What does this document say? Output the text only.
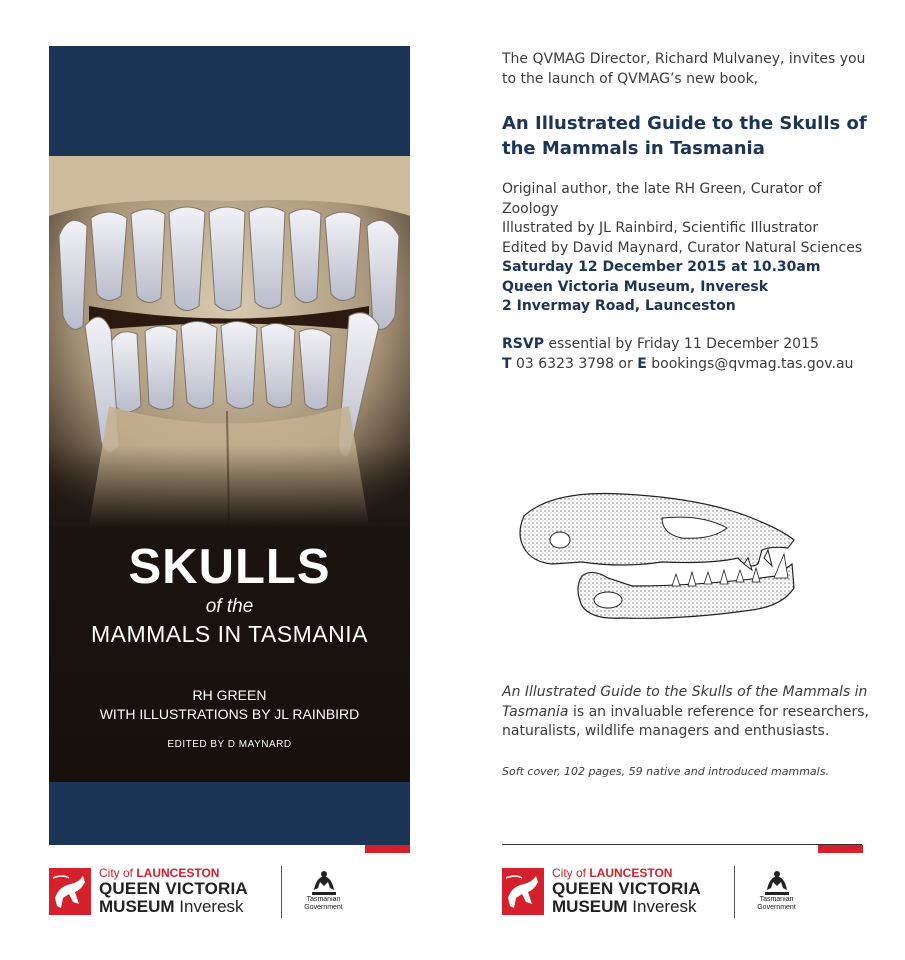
SKULLS
of the
MAMMALS IN TASMANIA
RH GREEN
WITH ILLUSTRATIONS BY JL RAINBIRD
EDITED BY D MAYNARD
The QVMAG Director, Richard Mulvaney, invites you
to the launch of QVMAG’s new book,
An Illustrated Guide to the Skulls of
the Mammals in Tasmania
Original author, the late RH Green, Curator of Zoology
Illustrated by JL Rainbird, Scientific Illustrator
Edited by David Maynard, Curator Natural Sciences
Saturday 12 December 2015 at 10.30am
Queen Victoria Museum, Inveresk
2 Invermay Road, Launceston
RSVP essential by Friday 11 December 2015
T 03 6323 3798 or E bookings@qvmag.tas.gov.au
An Illustrated Guide to the Skulls of the Mammals in Tasmania is an invaluable reference for researchers, naturalists, wildlife managers and enthusiasts.
Soft cover, 102 pages, 59 native and introduced mammals.
City of LAUNCESTON
QUEEN VICTORIA
MUSEUM Inveresk	Tasmanian
Government
City of LAUNCESTON
QUEEN VICTORIA
MUSEUM Inveresk	Tasmanian
Government
